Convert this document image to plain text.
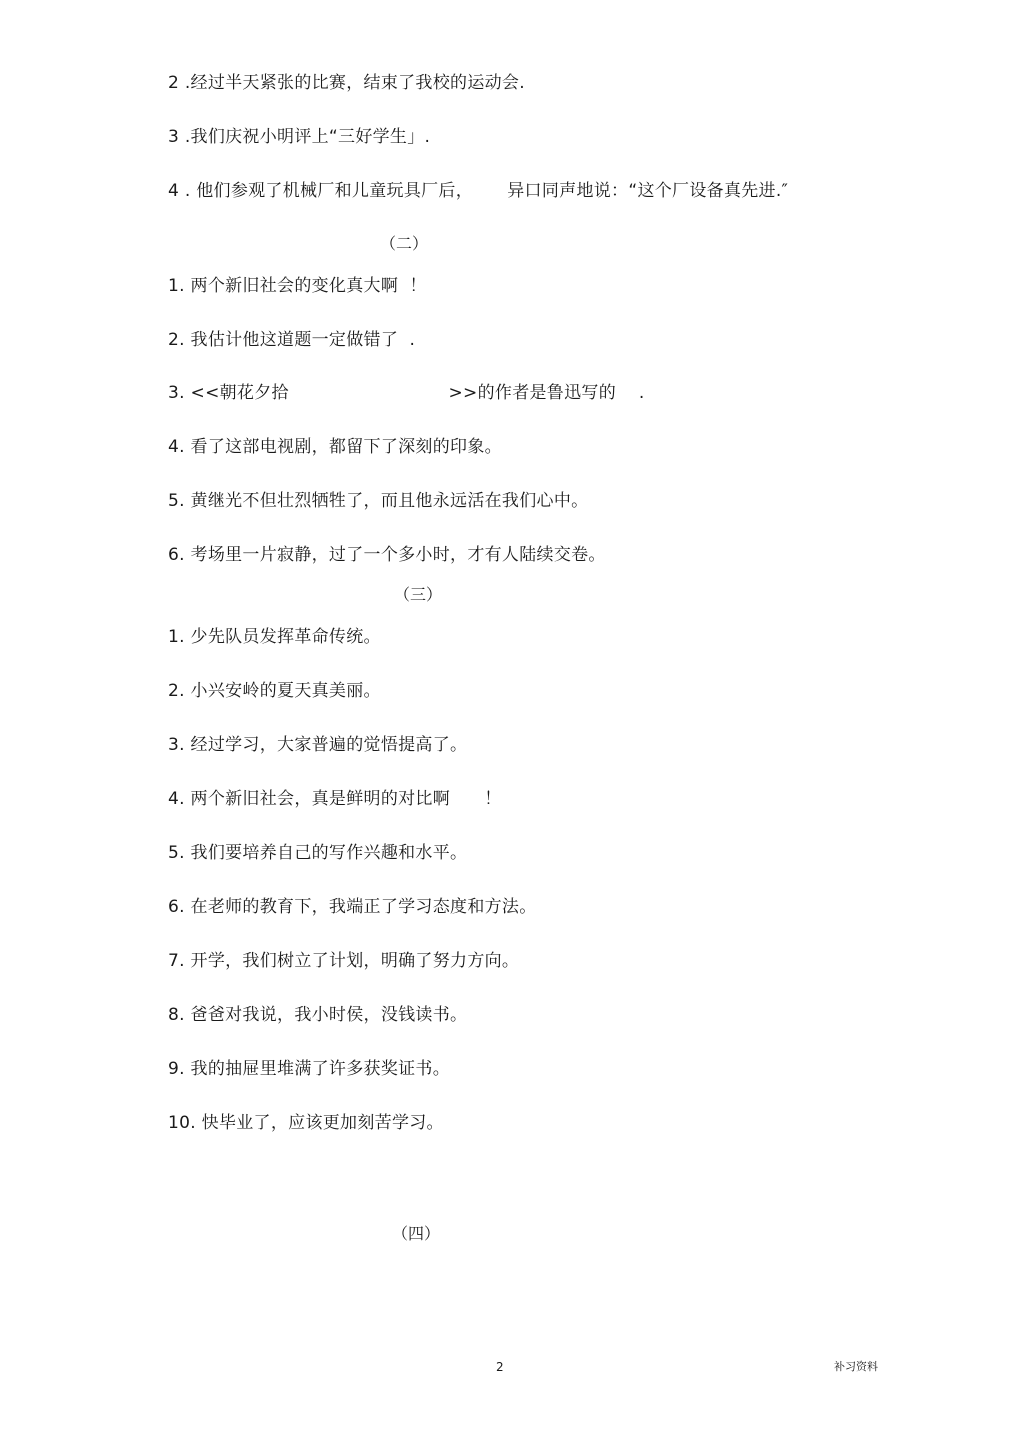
2 .经过半天紧张的比赛，结束了我校的运动会.
3 .我们庆祝小明评上“三好学生」.
4 . 他们参观了机械厂和儿童玩具厂后，      异口同声地说：“这个厂设备真先进.″
（二）
1. 两个新旧社会的变化真大啊  ！
2. 我估计他这道题一定做错了  .
3. <<朝花夕拾                            >>的作者是鲁迅写的    .
4. 看了这部电视剧，都留下了深刻的印象。
5. 黄继光不但壮烈牺牲了，而且他永远活在我们心中。
6. 考场里一片寂静，过了一个多小时，才有人陆续交卷。
（三）
1. 少先队员发挥革命传统。
2. 小兴安岭的夏天真美丽。
3. 经过学习，大家普遍的觉悟提高了。
4. 两个新旧社会，真是鲜明的对比啊      ！
5. 我们要培养自己的写作兴趣和水平。
6. 在老师的教育下，我端正了学习态度和方法。
7. 开学，我们树立了计划，明确了努力方向。
8. 爸爸对我说，我小时侯，没钱读书。
9. 我的抽屉里堆满了许多获奖证书。
10. 快毕业了，应该更加刻苦学习。
（四）
2	补习资料
